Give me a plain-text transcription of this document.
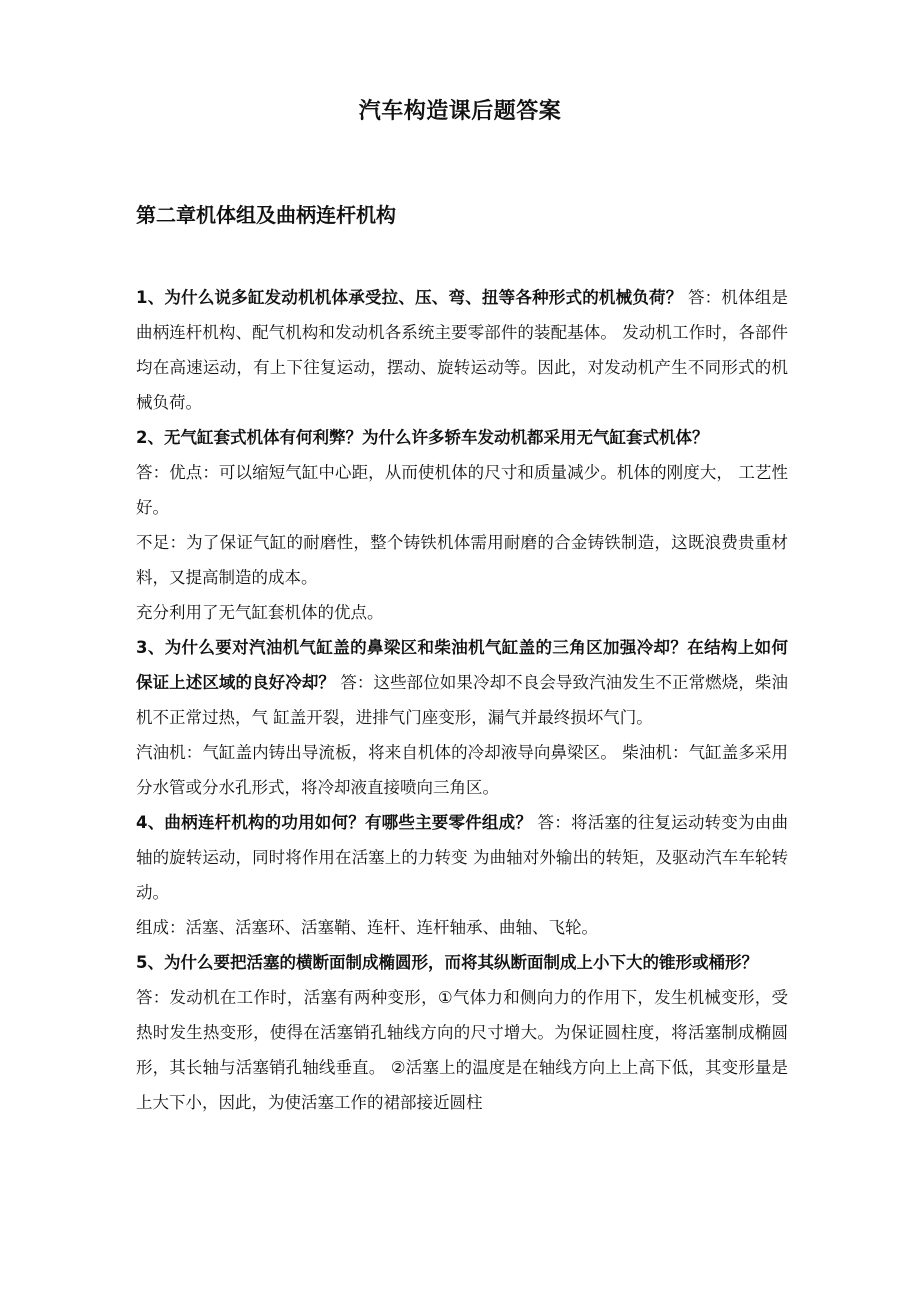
汽车构造课后题答案
第二章机体组及曲柄连杆机构

1、为什么说多缸发动机机体承受拉、压、弯、扭等各种形式的机械负荷？ 答：机体组是曲柄连杆机构、配气机构和发动机各系统主要零部件的装配基体。 发动机工作时，各部件均在高速运动，有上下往复运动，摆动、旋转运动等。因此，对发动机产生不同形式的机械负荷。

2、无气缸套式机体有何利弊？为什么许多轿车发动机都采用无气缸套式机体？

答：优点：可以缩短气缸中心距，从而使机体的尺寸和质量减少。机体的刚度大， 工艺性好。

不足：为了保证气缸的耐磨性，整个铸铁机体需用耐磨的合金铸铁制造，这既浪费贵重材料，又提高制造的成本。

充分利用了无气缸套机体的优点。

3、为什么要对汽油机气缸盖的鼻梁区和柴油机气缸盖的三角区加强冷却？在结构上如何保证上述区域的良好冷却？ 答：这些部位如果冷却不良会导致汽油发生不正常燃烧，柴油机不正常过热，气 缸盖开裂，进排气门座变形，漏气并最终损坏气门。

汽油机：气缸盖内铸出导流板，将来自机体的冷却液导向鼻梁区。 柴油机：气缸盖多采用分水管或分水孔形式，将冷却液直接喷向三角区。

4、曲柄连杆机构的功用如何？有哪些主要零件组成？ 答：将活塞的往复运动转变为由曲轴的旋转运动，同时将作用在活塞上的力转变 为曲轴对外输出的转矩，及驱动汽车车轮转动。

组成：活塞、活塞环、活塞鞘、连杆、连杆轴承、曲轴、飞轮。

5、为什么要把活塞的横断面制成椭圆形，而将其纵断面制成上小下大的锥形或桶形？

答：发动机在工作时，活塞有两种变形，①气体力和侧向力的作用下，发生机械变形，受热时发生热变形，使得在活塞销孔轴线方向的尺寸增大。为保证圆柱度，将活塞制成椭圆形，其长轴与活塞销孔轴线垂直。 ②活塞上的温度是在轴线方向上上高下低，其变形量是上大下小，因此，为使活塞工作的裙部接近圆柱
